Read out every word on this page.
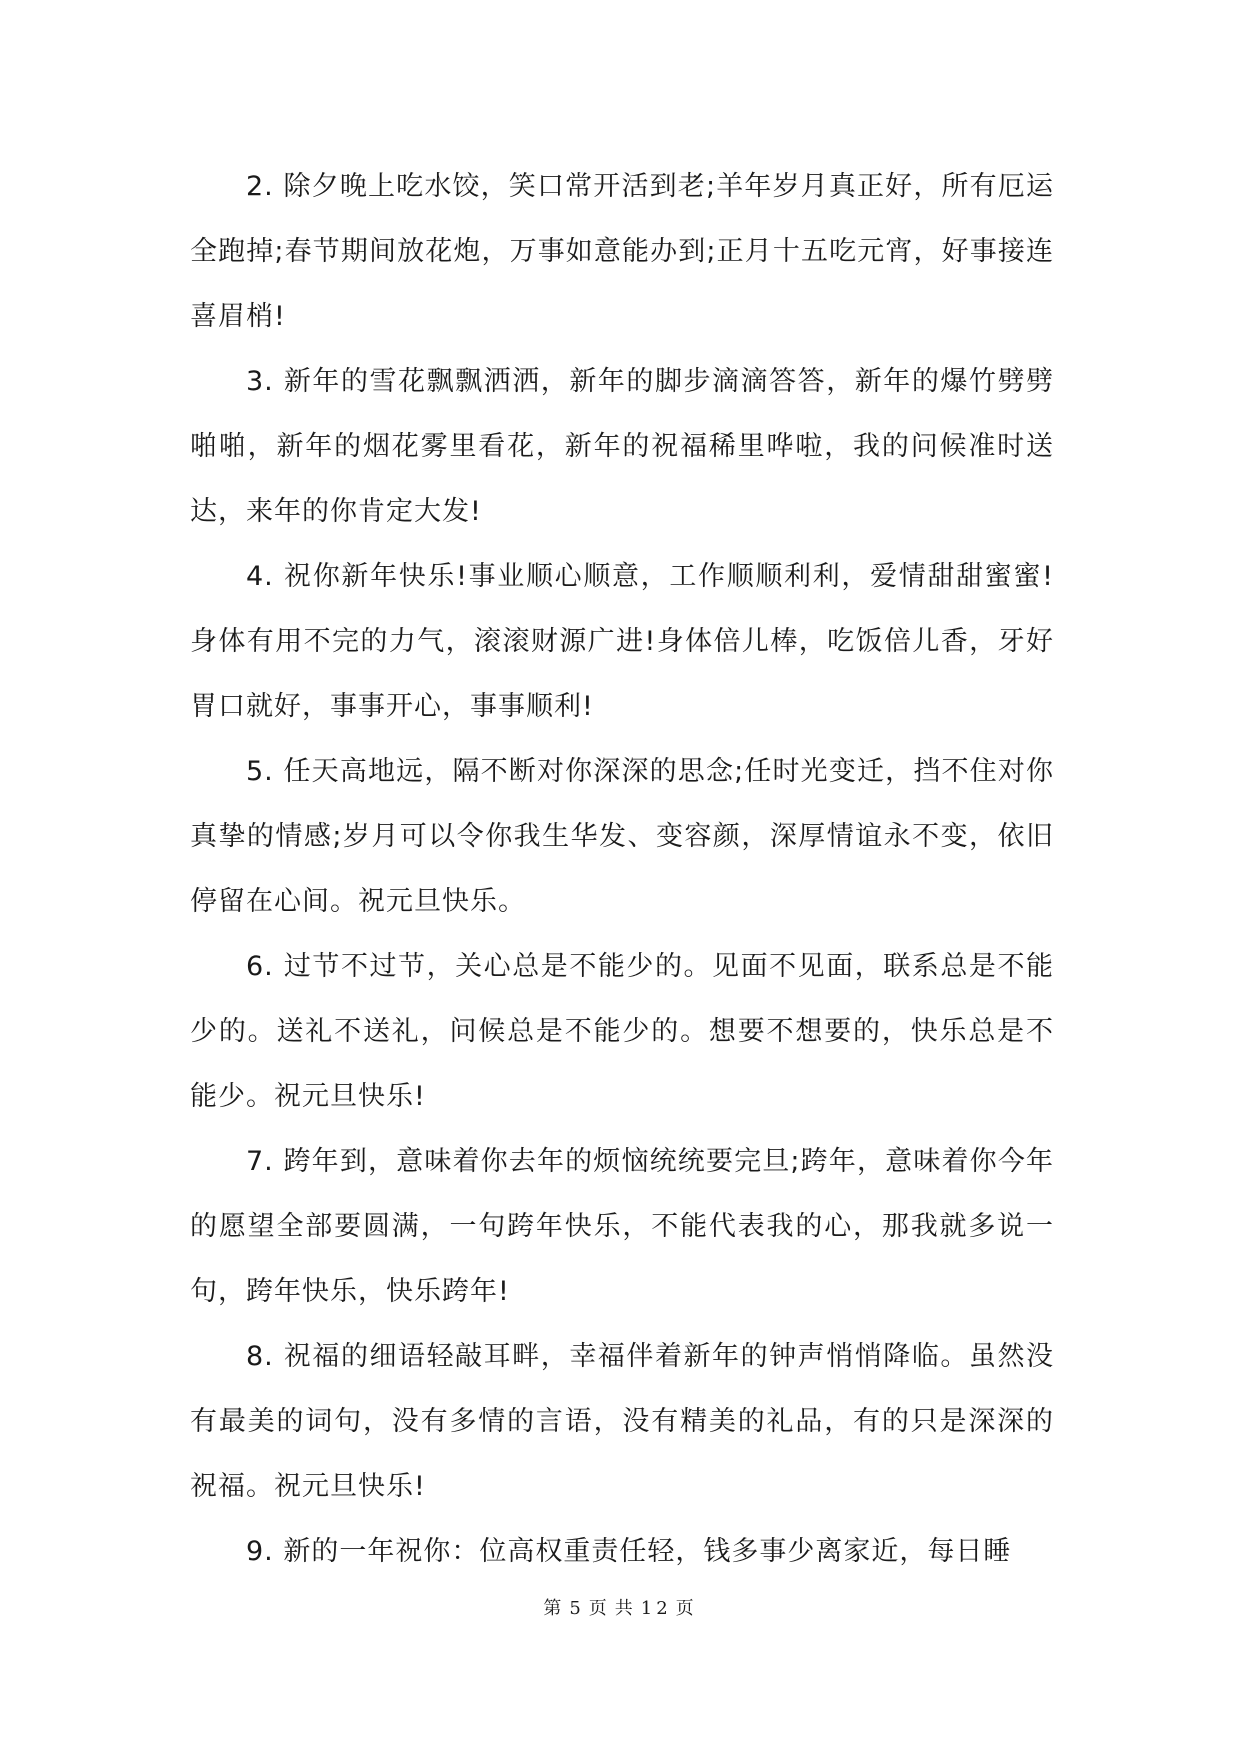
2. 除夕晚上吃水饺，笑口常开活到老;羊年岁月真正好，所有厄运全跑掉;春节期间放花炮，万事如意能办到;正月十五吃元宵，好事接连喜眉梢!

3. 新年的雪花飘飘洒洒，新年的脚步滴滴答答，新年的爆竹劈劈啪啪，新年的烟花雾里看花，新年的祝福稀里哗啦，我的问候准时送达，来年的你肯定大发!

4. 祝你新年快乐!事业顺心顺意，工作顺顺利利，爱情甜甜蜜蜜!身体有用不完的力气，滚滚财源广进!身体倍儿棒，吃饭倍儿香，牙好胃口就好，事事开心，事事顺利!

5. 任天高地远，隔不断对你深深的思念;任时光变迁，挡不住对你真挚的情感;岁月可以令你我生华发、变容颜，深厚情谊永不变，依旧停留在心间。祝元旦快乐。

6. 过节不过节，关心总是不能少的。见面不见面，联系总是不能少的。送礼不送礼，问候总是不能少的。想要不想要的，快乐总是不能少。祝元旦快乐!

7. 跨年到，意味着你去年的烦恼统统要完旦;跨年，意味着你今年的愿望全部要圆满，一句跨年快乐，不能代表我的心，那我就多说一句，跨年快乐，快乐跨年!

8. 祝福的细语轻敲耳畔，幸福伴着新年的钟声悄悄降临。虽然没有最美的词句，没有多情的言语，没有精美的礼品，有的只是深深的祝福。祝元旦快乐!

9. 新的一年祝你：位高权重责任轻，钱多事少离家近，每日睡

第 5 页 共 12 页
